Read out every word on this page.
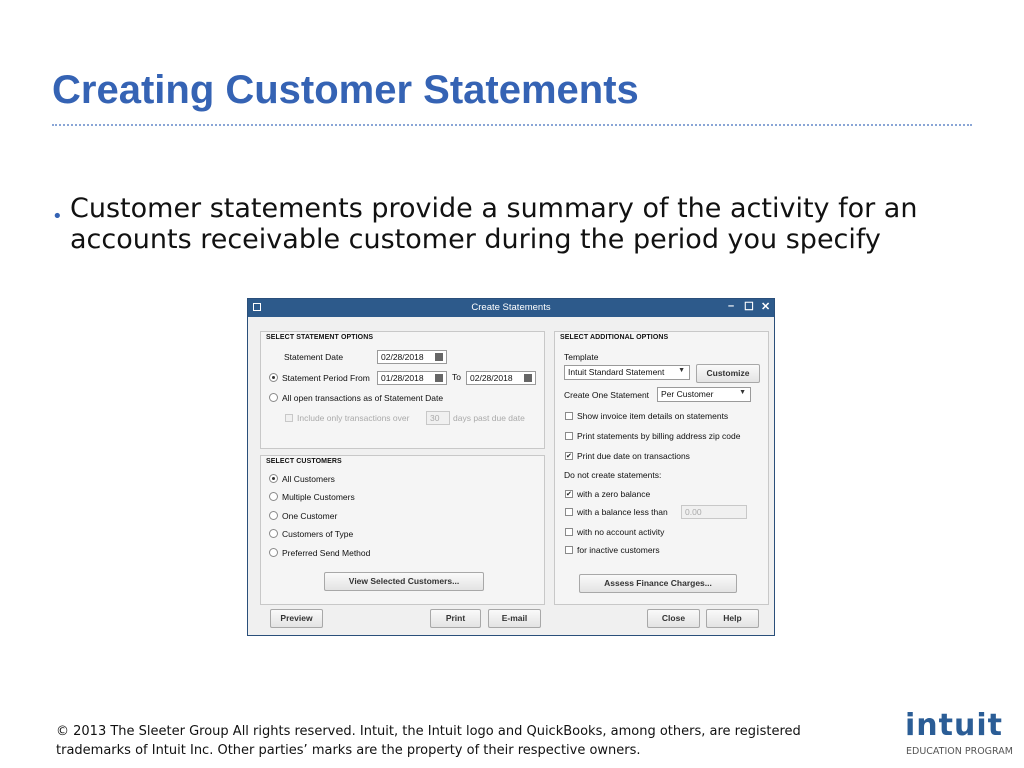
Creating Customer Statements
• Customer statements provide a summary of the activity for an accounts receivable customer during the period you specify
Create Statements	– ☐ ✕
SELECT STATEMENT OPTIONS
Statement Date	02/28/2018
Statement Period From	01/28/2018	To	02/28/2018
All open transactions as of Statement Date
Include only transactions over	30	days past due date
SELECT CUSTOMERS
All Customers
Multiple Customers
One Customer
Customers of Type
Preferred Send Method
View Selected Customers...
SELECT ADDITIONAL OPTIONS
Template
Intuit Standard Statement ▼	Customize
Create One Statement	Per Customer	▼
Show invoice item details on statements
Print statements by billing address zip code
✔
Print due date on transactions
Do not create statements:
✔
with a zero balance
with a balance less than	0.00
with no account activity
for inactive customers
Assess Finance Charges...
Preview	Print	E-mail	Close	Help
© 2013 The Sleeter Group All rights reserved. Intuit, the Intuit logo and QuickBooks, among others, are registered trademarks of Intuit Inc. Other parties’ marks are the property of their respective owners.
intuit
EDUCATION PROGRAM
